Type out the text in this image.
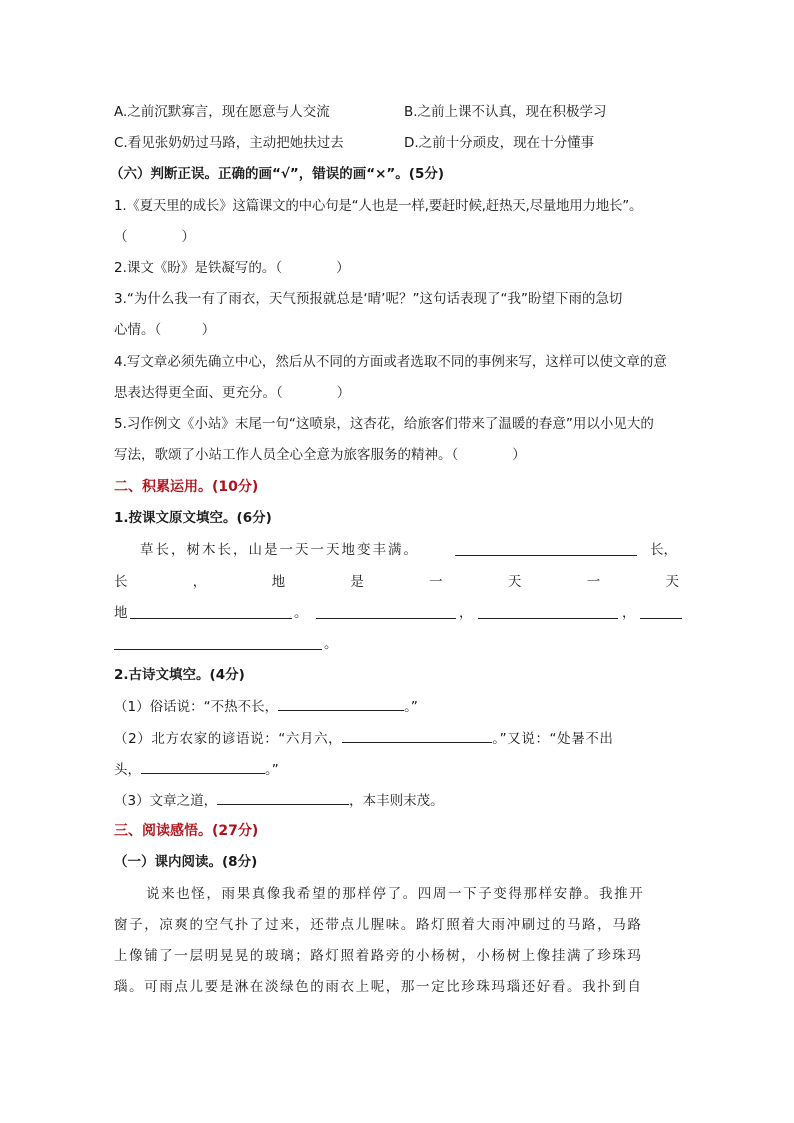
A.之前沉默寡言，现在愿意与人交流	B.之前上课不认真，现在积极学习
C.看见张奶奶过马路，主动把她扶过去	D.之前十分顽皮，现在十分懂事
（六）判断正误。正确的画“√”，错误的画“×”。(5分)
1.《夏天里的成长》这篇课文的中心句是“人也是一样,要赶时候,赶热天,尽量地用力地长”。
（　　　　）
2.课文《盼》是铁凝写的。（　　　　）
3.“为什么我一有了雨衣，天气预报就总是‘晴’呢？”这句话表现了“我”盼望下雨的急切
心情。（　　　）
4.写文章必须先确立中心，然后从不同的方面或者选取不同的事例来写，这样可以使文章的意
思表达得更全面、更充分。（　　　　）
5.习作例文《小站》末尾一句“这喷泉，这杏花，给旅客们带来了温暖的春意”用以小见大的
写法，歌颂了小站工作人员全心全意为旅客服务的精神。（　　　　）
二、积累运用。(10分)
1.按课文原文填空。(6分)
草长，树木长，山是一天一天地变丰满。	长，
长	，	地	是	一	天	一	天
地	。	，	，
。
2.古诗文填空。(4分)
（1）俗话说：“不热不长，	。”
（2）北方农家的谚语说：“六月六，	。”又说：“处暑不出
头，	。”
（3）文章之道，	，本丰则末茂。
三、阅读感悟。(27分)
（一）课内阅读。(8分)
说来也怪，雨果真像我希望的那样停了。四周一下子变得那样安静。我推开
窗子，凉爽的空气扑了过来，还带点儿腥味。路灯照着大雨冲刷过的马路，马路
上像铺了一层明晃晃的玻璃；路灯照着路旁的小杨树，小杨树上像挂满了珍珠玛
瑙。可雨点儿要是淋在淡绿色的雨衣上呢，那一定比珍珠玛瑙还好看。我扑到自
